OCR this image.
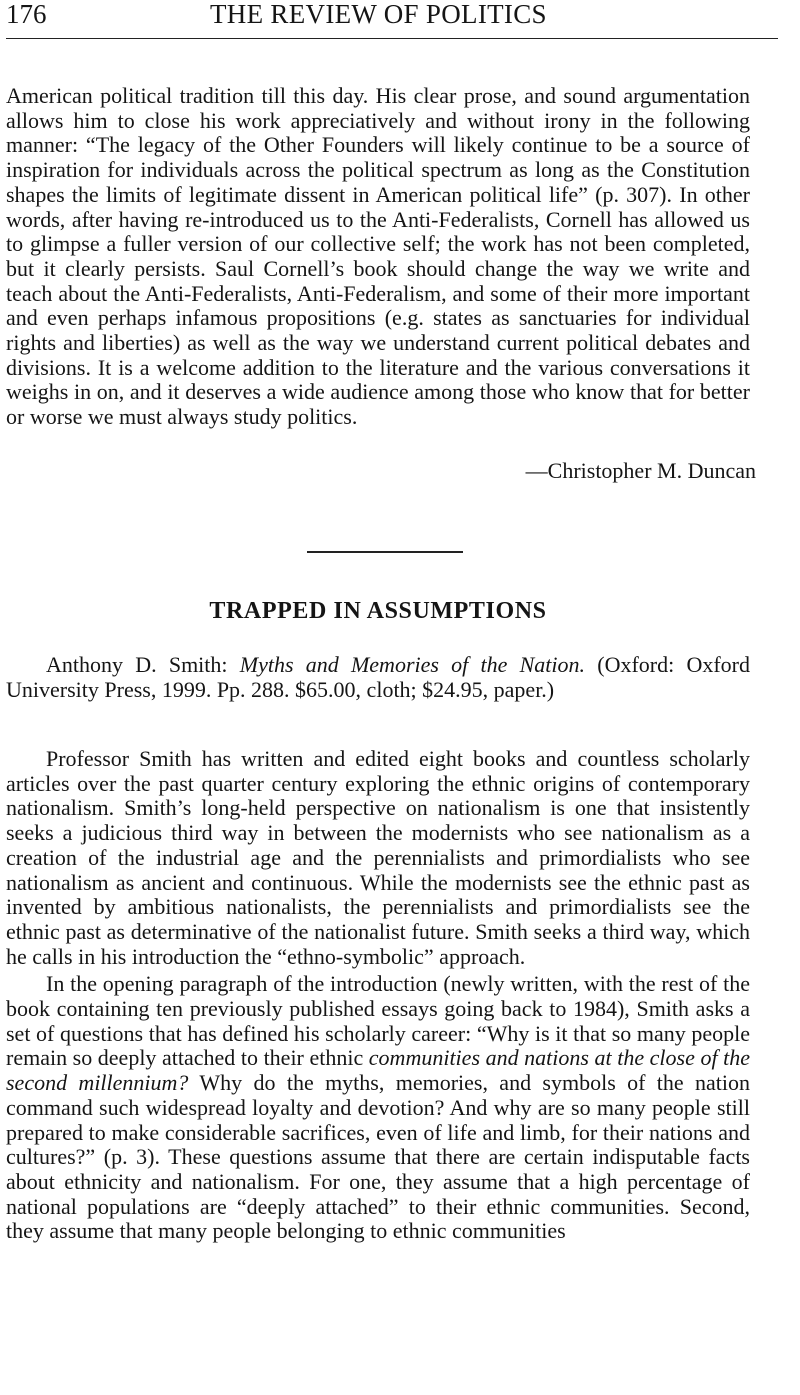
176	THE REVIEW OF POLITICS

American political tradition till this day. His clear prose, and sound argumentation allows him to close his work appreciatively and without irony in the following manner: “The legacy of the Other Founders will likely continue to be a source of inspiration for individuals across the political spectrum as long as the Constitution shapes the limits of legitimate dissent in American political life” (p. 307). In other words, after having re-introduced us to the Anti-Federalists, Cornell has allowed us to glimpse a fuller version of our collective self; the work has not been completed, but it clearly persists. Saul Cornell’s book should change the way we write and teach about the Anti-Federalists, Anti-Federalism, and some of their more important and even perhaps infamous propositions (e.g. states as sanctuaries for individual rights and liberties) as well as the way we understand current political debates and divisions. It is a welcome addition to the literature and the various conversations it weighs in on, and it deserves a wide audience among those who know that for better or worse we must always study politics.

—Christopher M. Duncan
TRAPPED IN ASSUMPTIONS

Anthony D. Smith: Myths and Memories of the Nation. (Oxford: Oxford University Press, 1999. Pp. 288. $65.00, cloth; $24.95, paper.)

Professor Smith has written and edited eight books and countless scholarly articles over the past quarter century exploring the ethnic origins of contemporary nationalism. Smith’s long-held perspective on nationalism is one that insistently seeks a judicious third way in between the modernists who see nationalism as a creation of the industrial age and the perennialists and primordialists who see nationalism as ancient and continuous. While the modernists see the ethnic past as invented by ambitious nationalists, the perennialists and primordialists see the ethnic past as determinative of the nationalist future. Smith seeks a third way, which he calls in his introduction the “ethno-symbolic” approach.

In the opening paragraph of the introduction (newly written, with the rest of the book containing ten previously published essays going back to 1984), Smith asks a set of questions that has defined his scholarly career: “Why is it that so many people remain so deeply attached to their ethnic communities and nations at the close of the second millennium? Why do the myths, memories, and symbols of the nation command such widespread loyalty and devotion? And why are so many people still prepared to make considerable sacrifices, even of life and limb, for their nations and cultures?” (p. 3). These questions assume that there are certain indisputable facts about ethnicity and nationalism. For one, they assume that a high percentage of national populations are “deeply attached” to their ethnic communities. Second, they assume that many people belonging to ethnic communities
